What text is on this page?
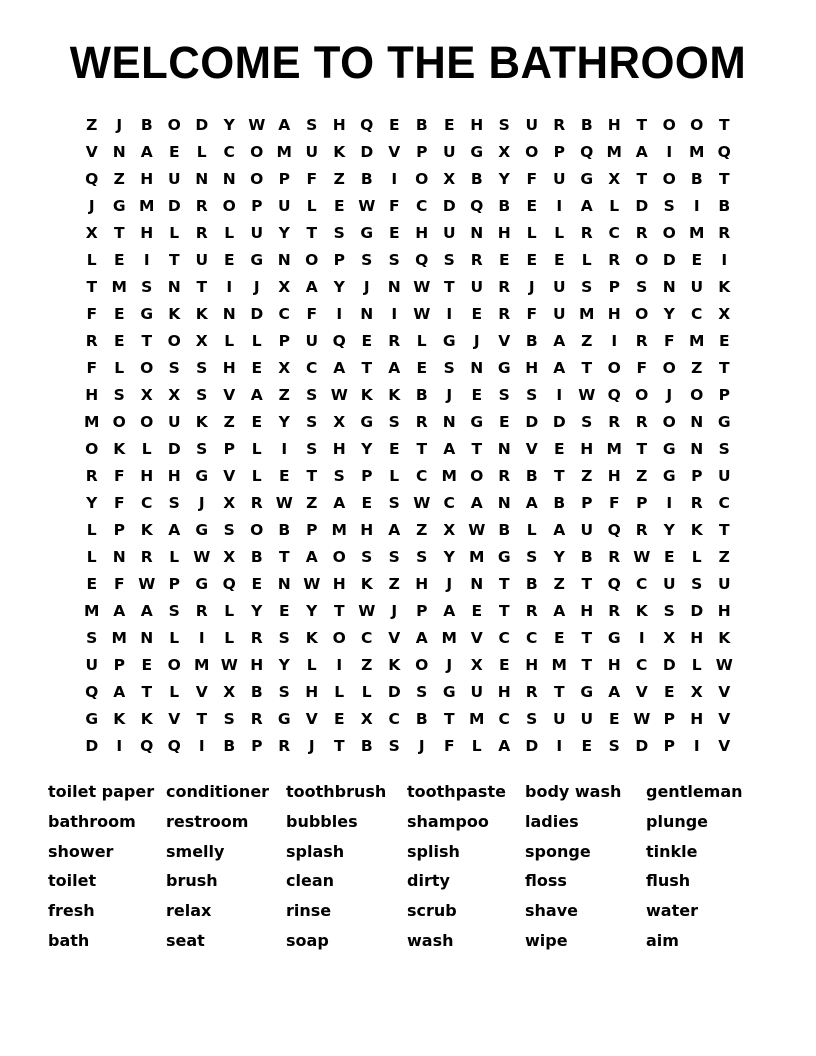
WELCOME TO THE BATHROOM
Z	J	B O D Y W A	S H Q	E	B	E	H S	U R	B H	T	O O	T
V N A	E	L	C O M U K D V	P	U G X O P Q M A	I	M Q
Q Z H U N N O P	F	Z	B	I	O X	B	Y	F	U G X	T	O B	T
J	G M D R O P	U	L	E W F	C D Q B	E	I	A	L	D S	I	B
X	T	H	L	R	L	U	Y	T	S	G	E	H U N H	L	L	R	C	R O M R
L	E	I	T	U	E	G N O P	S	S Q S	R	E	E	E	L	R O D	E	I
T M S N	T	I	J	X	A	Y	J	N W T	U R	J	U	S	P	S N U K
F	E	G K K N D C	F	I	N	I	W	I	E	R	F	U M H O Y	C	X
R	E	T	O X	L	L	P	U Q	E	R	L	G	J	V	B	A	Z	I	R	F M E
F	L	O S	S H	E	X	C	A	T	A	E	S N G H A	T	O	F	O Z	T
H S	X	X	S	V	A	Z	S W K K	B	J	E	S	S	I	W Q O	J	O P
M O O U K	Z	E	Y	S	X G	S	R N G	E	D D S	R	R O N G
O K	L	D S	P	L	I	S H Y	E	T	A	T	N V	E	H M T	G N S
R	F	H H G V	L	E	T	S	P	L	C M O R	B	T	Z H Z	G P	U
Y	F	C	S	J	X	R W Z	A	E	S W C	A N A	B	P	F	P	I	R	C
L	P	K	A G	S O B	P M H A	Z	X W B	L	A U Q R	Y	K	T
L	N R	L W X	B	T	A O S	S	S	Y M G	S	Y	B	R W E	L	Z
E	F W P G Q	E	N W H K	Z H	J	N	T	B	Z	T	Q C	U	S	U
M A	A	S	R	L	Y	E	Y	T W	J	P	A	E	T	R	A H R	K	S D H
S M N	L	I	L	R	S	K O C	V	A M V	C	C	E	T	G	I	X H K
U	P	E	O M W H Y	L	I	Z	K O	J	X	E	H M T	H C D	L W
Q A	T	L	V	X	B	S H	L	L	D S	G U H R	T	G A	V	E	X	V
G K K	V	T	S	R G V	E	X	C	B	T M C	S	U U	E W P H V
D	I	Q Q	I	B	P	R	J	T	B	S	J	F	L	A D	I	E	S D P	I	V
toilet paper
bathroom
shower
toilet
fresh
bath
conditioner
restroom
smelly
brush
relax
seat
toothbrush
bubbles
splash
clean
rinse
soap
toothpaste
shampoo
splish
dirty
scrub
wash
body wash
ladies
sponge
floss
shave
wipe
gentleman
plunge
tinkle
flush
water
aim
